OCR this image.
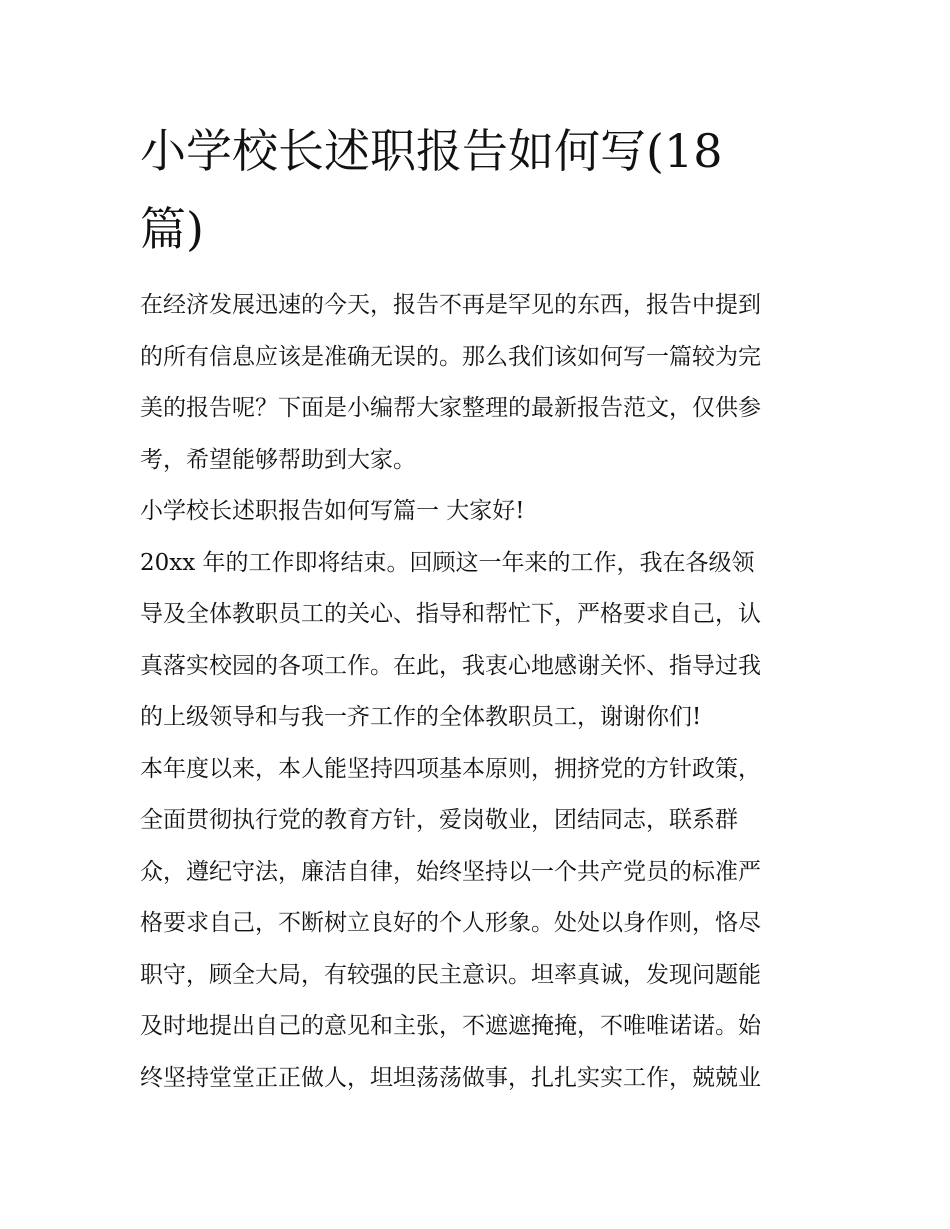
小学校长述职报告如何写(18
篇)
在经济发展迅速的今天，报告不再是罕见的东西，报告中提到
的所有信息应该是准确无误的。那么我们该如何写一篇较为完
美的报告呢？下面是小编帮大家整理的最新报告范文，仅供参
考，希望能够帮助到大家。
小学校长述职报告如何写篇一 大家好!
20xx 年的工作即将结束。回顾这一年来的工作，我在各级领
导及全体教职员工的关心、指导和帮忙下，严格要求自己，认
真落实校园的各项工作。在此，我衷心地感谢关怀、指导过我
的上级领导和与我一齐工作的全体教职员工，谢谢你们!
本年度以来，本人能坚持四项基本原则，拥挤党的方针政策，
全面贯彻执行党的教育方针，爱岗敬业，团结同志，联系群
众，遵纪守法，廉洁自律，始终坚持以一个共产党员的标准严
格要求自己，不断树立良好的个人形象。处处以身作则，恪尽
职守，顾全大局，有较强的民主意识。坦率真诚，发现问题能
及时地提出自己的意见和主张，不遮遮掩掩，不唯唯诺诺。始
终坚持堂堂正正做人，坦坦荡荡做事，扎扎实实工作，兢兢业
